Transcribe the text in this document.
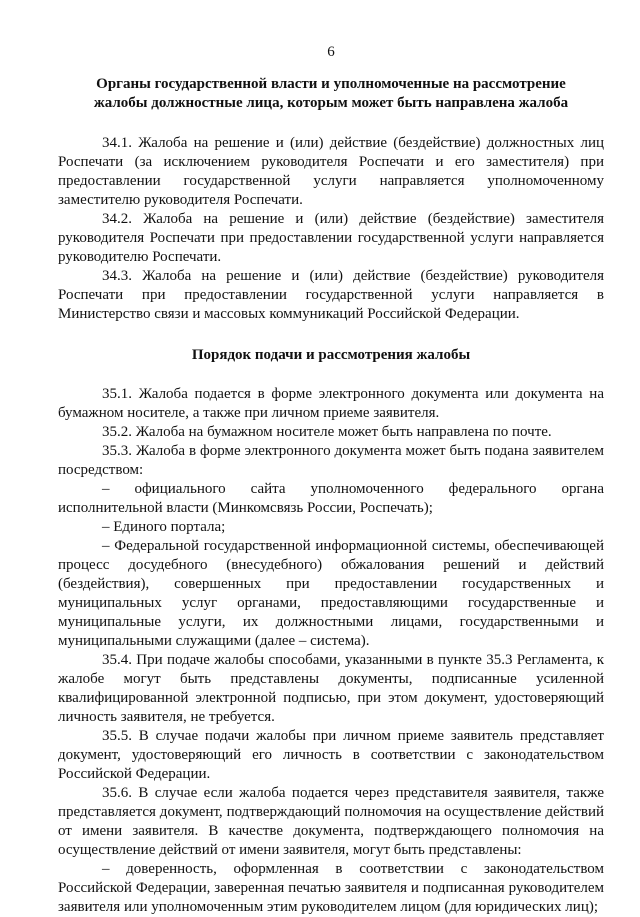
6
Органы государственной власти и уполномоченные на рассмотрение
жалобы должностные лица, которым может быть направлена жалоба

34.1. Жалоба на решение и (или) действие (бездействие) должностных лиц Роспечати (за исключением руководителя Роспечати и его заместителя) при предоставлении государственной услуги направляется уполномоченному заместителю руководителя Роспечати.

34.2. Жалоба на решение и (или) действие (бездействие) заместителя руководителя Роспечати при предоставлении государственной услуги направляется руководителю Роспечати.

34.3. Жалоба на решение и (или) действие (бездействие) руководителя Роспечати при предоставлении государственной услуги направляется в Министерство связи и массовых коммуникаций Российской Федерации.

Порядок подачи и рассмотрения жалобы

35.1. Жалоба подается в форме электронного документа или документа на бумажном носителе, а также при личном приеме заявителя.

35.2. Жалоба на бумажном носителе может быть направлена по почте.

35.3. Жалоба в форме электронного документа может быть подана заявителем посредством:

– официального сайта уполномоченного федерального органа исполнительной власти (Минкомсвязь России, Роспечать);

– Единого портала;

– Федеральной государственной информационной системы, обеспечивающей процесс досудебного (внесудебного) обжалования решений и действий (бездействия), совершенных при предоставлении государственных и муниципальных услуг органами, предоставляющими государственные и муниципальные услуги, их должностными лицами, государственными и муниципальными служащими (далее – система).

35.4. При подаче жалобы способами, указанными в пункте 35.3 Регламента, к жалобе могут быть представлены документы, подписанные усиленной квалифицированной электронной подписью, при этом документ, удостоверяющий личность заявителя, не требуется.

35.5. В случае подачи жалобы при личном приеме заявитель представляет документ, удостоверяющий его личность в соответствии с законодательством Российской Федерации.

35.6. В случае если жалоба подается через представителя заявителя, также представляется документ, подтверждающий полномочия на осуществление действий от имени заявителя. В качестве документа, подтверждающего полномочия на осуществление действий от имени заявителя, могут быть представлены:

– доверенность, оформленная в соответствии с законодательством Российской Федерации, заверенная печатью заявителя и подписанная руководителем заявителя или уполномоченным этим руководителем лицом (для юридических лиц);
